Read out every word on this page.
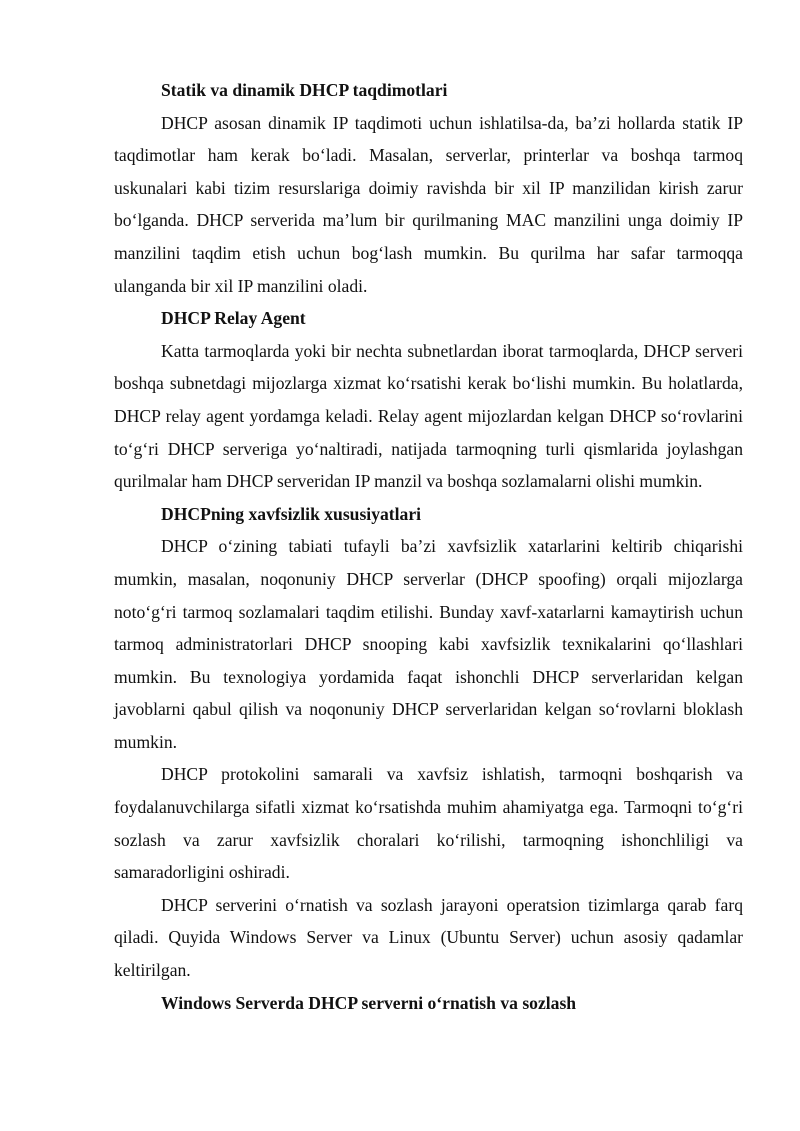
Statik va dinamik DHCP taqdimotlari

DHCP asosan dinamik IP taqdimoti uchun ishlatilsa-da, ba’zi hollarda statik IP taqdimotlar ham kerak bo‘ladi. Masalan, serverlar, printerlar va boshqa tarmoq uskunalari kabi tizim resurslariga doimiy ravishda bir xil IP manzilidan kirish zarur bo‘lganda. DHCP serverida ma’lum bir qurilmaning MAC manzilini unga doimiy IP manzilini taqdim etish uchun bog‘lash mumkin. Bu qurilma har safar tarmoqqa ulanganda bir xil IP manzilini oladi.

DHCP Relay Agent

Katta tarmoqlarda yoki bir nechta subnetlardan iborat tarmoqlarda, DHCP serveri boshqa subnetdagi mijozlarga xizmat ko‘rsatishi kerak bo‘lishi mumkin. Bu holatlarda, DHCP relay agent yordamga keladi. Relay agent mijozlardan kelgan DHCP so‘rovlarini to‘g‘ri DHCP serveriga yo‘naltiradi, natijada tarmoqning turli qismlarida joylashgan qurilmalar ham DHCP serveridan IP manzil va boshqa sozlamalarni olishi mumkin.

DHCPning xavfsizlik xususiyatlari

DHCP o‘zining tabiati tufayli ba’zi xavfsizlik xatarlarini keltirib chiqarishi mumkin, masalan, noqonuniy DHCP serverlar (DHCP spoofing) orqali mijozlarga noto‘g‘ri tarmoq sozlamalari taqdim etilishi. Bunday xavf-xatarlarni kamaytirish uchun tarmoq administratorlari DHCP snooping kabi xavfsizlik texnikalarini qo‘llashlari mumkin. Bu texnologiya yordamida faqat ishonchli DHCP serverlaridan kelgan javoblarni qabul qilish va noqonuniy DHCP serverlaridan kelgan so‘rovlarni bloklash mumkin.

DHCP protokolini samarali va xavfsiz ishlatish, tarmoqni boshqarish va foydalanuvchilarga sifatli xizmat ko‘rsatishda muhim ahamiyatga ega. Tarmoqni to‘g‘ri sozlash va zarur xavfsizlik choralari ko‘rilishi, tarmoqning ishonchliligi va samaradorligini oshiradi.

DHCP serverini o‘rnatish va sozlash jarayoni operatsion tizimlarga qarab farq qiladi. Quyida Windows Server va Linux (Ubuntu Server) uchun asosiy qadamlar keltirilgan.

Windows Serverda DHCP serverni o‘rnatish va sozlash
